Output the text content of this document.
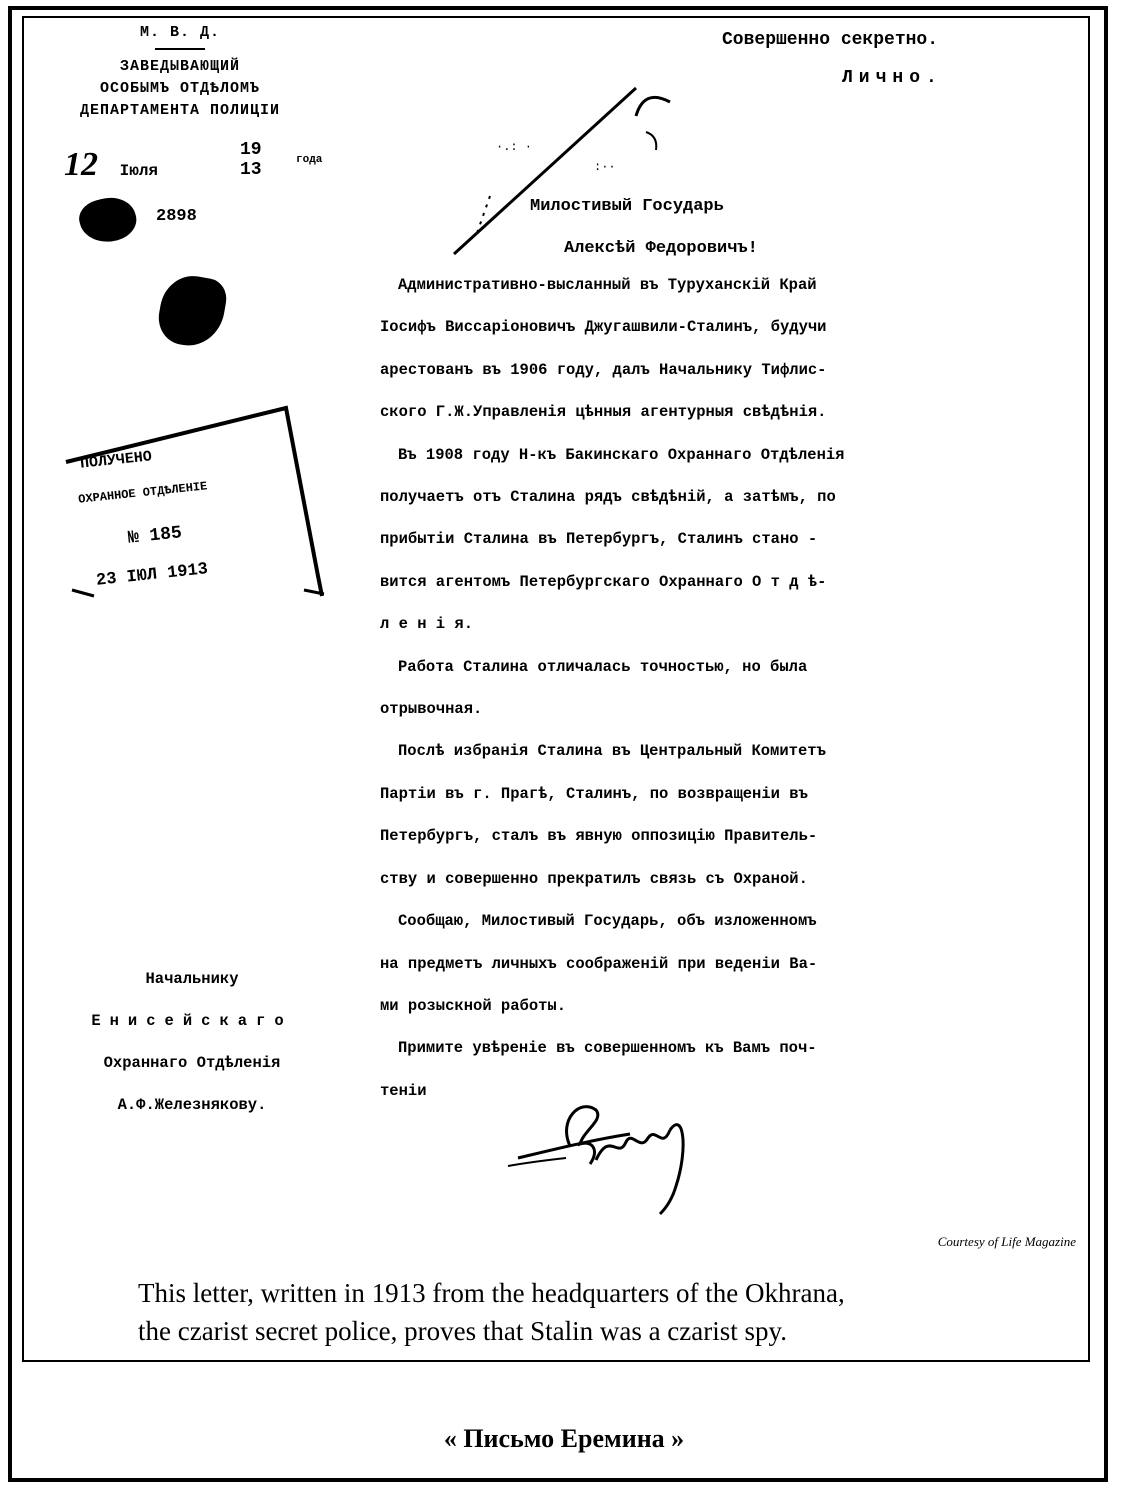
М. В. Д.
ЗАВЕДЫВАЮЩИЙ
ОСОБЫМЪ ОТДѢЛОМЪ
ДЕПАРТАМЕНТА ПОЛИЦІИ
12 Іюля
19 13	года
2898
ПОЛУЧЕНО
ОХРАННОЕ ОТДѢЛЕНІЕ
№ 185
23 ІЮЛ 1913
Совершенно секретно.
Лично.
·.: ·
:··
Милостивый Государь
Алексѣй Федоровичъ!
Административно-высланный въ Туруханскій Край
Іосифъ Виссаріоновичъ Джугашвили-Сталинъ, будучи
арестованъ въ 1906 году, далъ Начальнику Тифлис-
ского Г.Ж.Управленія цѣнныя агентурныя свѣдѣнія.
Въ 1908 году Н-къ Бакинскаго Охраннаго Отдѣленія
получаетъ отъ Сталина рядъ свѣдѣній, а затѣмъ, по
прибытіи Сталина въ Петербургъ, Сталинъ стано -
вится агентомъ Петербургскаго Охраннаго О т д ѣ-
л е н і я.
Работа Сталина отличалась точностью, но была
отрывочная.
Послѣ избранія Сталина въ Центральный Комитетъ
Партіи въ г. Прагѣ, Сталинъ, по возвращеніи въ
Петербургъ, сталъ въ явную оппозицію Правитель-
ству и совершенно прекратилъ связь съ Охраной.
Сообщаю, Милостивый Государь, объ изложенномъ
на предметъ личныхъ соображеній при веденіи Ва-
ми розыскной работы.
Примите увѣреніе въ совершенномъ къ Вамъ поч-
теніи
Начальнику
Енисейскаго
Охраннаго Отдѣленія
А.Ф.Железнякову.
Courtesy of Life Magazine
This letter, written in 1913 from the headquarters of the Okhrana,
the czarist secret police, proves that Stalin was a czarist spy.
« Письмо Еремина »
